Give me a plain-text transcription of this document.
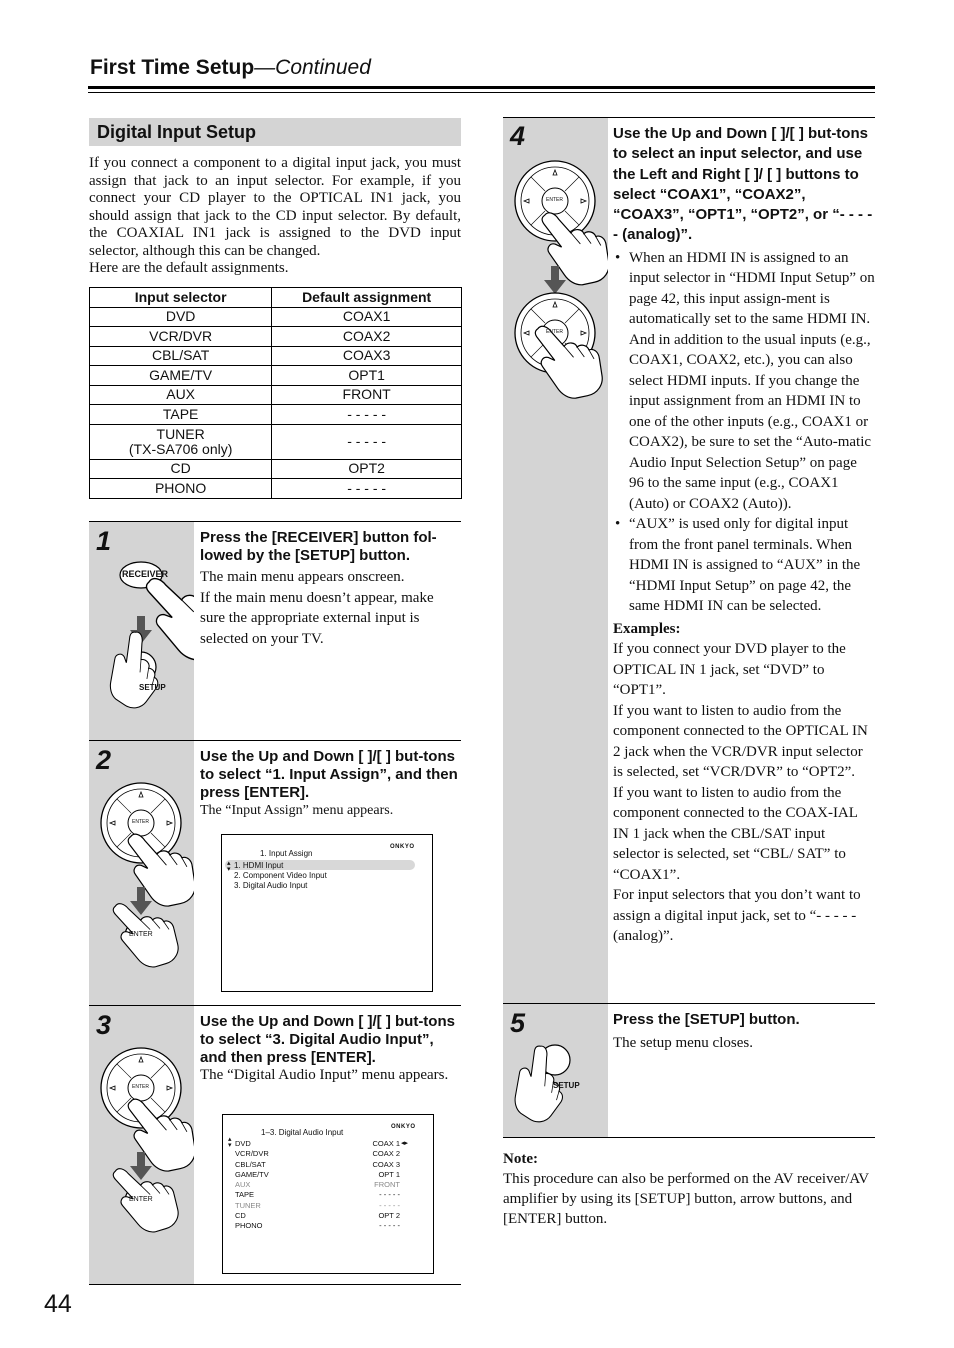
First Time Setup—Continued
Digital Input Setup
If you connect a component to a digital input jack, you must assign that jack to an input selector. For example, if you connect your CD player to the OPTICAL IN1 jack, you should assign that jack to the CD input selector. By default, the COAXIAL IN1 jack is assigned to the DVD input selector, although this can be changed.
Here are the default assignments.
Input selector	Default assignment
DVD	COAX1
VCR/DVR	COAX2
CBL/SAT	COAX3
GAME/TV	OPT1
AUX	FRONT
TAPE	- - - - -
TUNER
(TX-SA706 only)	- - - - -
CD	OPT2
PHONO	- - - - -
1
RECEIVER
SETUP
Press the [RECEIVER] button fol-lowed by the [SETUP] button.
The main menu appears onscreen.
If the main menu doesn’t appear, make sure the appropriate external input is selected on your TV.
2
ENTER
ENTER
Use the Up and Down [ ]/[ ] but-tons to select “1. Input Assign”, and then press [ENTER].
The “Input Assign” menu appears.
1. Input Assign
ONKYO
▴

▾ 1. HDMI Input
2. Component Video Input
3. Digital Audio Input
3
ENTER
ENTER
Use the Up and Down [ ]/[ ] but-tons to select “3. Digital Audio Input”, and then press [ENTER].
The “Digital Audio Input” menu appears.
1–3. Digital Audio Input
ONKYO
▴
▾ DVD	COAX 1
VCR/DVR	COAX 2
CBL/SAT	COAX 3
GAME/TV	OPT 1
AUX	FRONT
TAPE	- - - - -
TUNER	- - - - -
CD	OPT 2
PHONO	- - - - -
◂▸
4
ENTER
ENTER
Use the Up and Down [ ]/[ ] but-tons to select an input selector, and use the Left and Right [ ]/ [ ] buttons to select “COAX1”, “COAX2”, “COAX3”, “OPT1”, “OPT2”, or “- - - - - (analog)”.
• When an HDMI IN is assigned to an input selector in “HDMI Input Setup” on page 42, this input assign-ment is automatically set to the same HDMI IN. And in addition to the usual inputs (e.g., COAX1, COAX2, etc.), you can also select HDMI inputs. If you change the input assignment from an HDMI IN to one of the other inputs (e.g., COAX1 or COAX2), be sure to set the “Auto-matic Audio Input Selection Setup” on page 96 to the same input (e.g., COAX1 (Auto) or COAX2 (Auto)).
• “AUX” is used only for digital input from the front panel terminals. When HDMI IN is assigned to “AUX” in the “HDMI Input Setup” on page 42, the same HDMI IN can be selected.
Examples:
If you connect your DVD player to the OPTICAL IN 1 jack, set “DVD” to “OPT1”.
If you want to listen to audio from the component connected to the OPTICAL IN 2 jack when the VCR/DVR input selector is selected, set “VCR/DVR” to “OPT2”.
If you want to listen to audio from the component connected to the COAX-IAL IN 1 jack when the CBL/SAT input selector is selected, set “CBL/ SAT” to “COAX1”.
For input selectors that you don’t want to assign a digital input jack, set to “- - - - - (analog)”.
5
SETUP
Press the [SETUP] button.
The setup menu closes.
Note:
This procedure can also be performed on the AV receiver/AV amplifier by using its [SETUP] button, arrow buttons, and [ENTER] button.
44
